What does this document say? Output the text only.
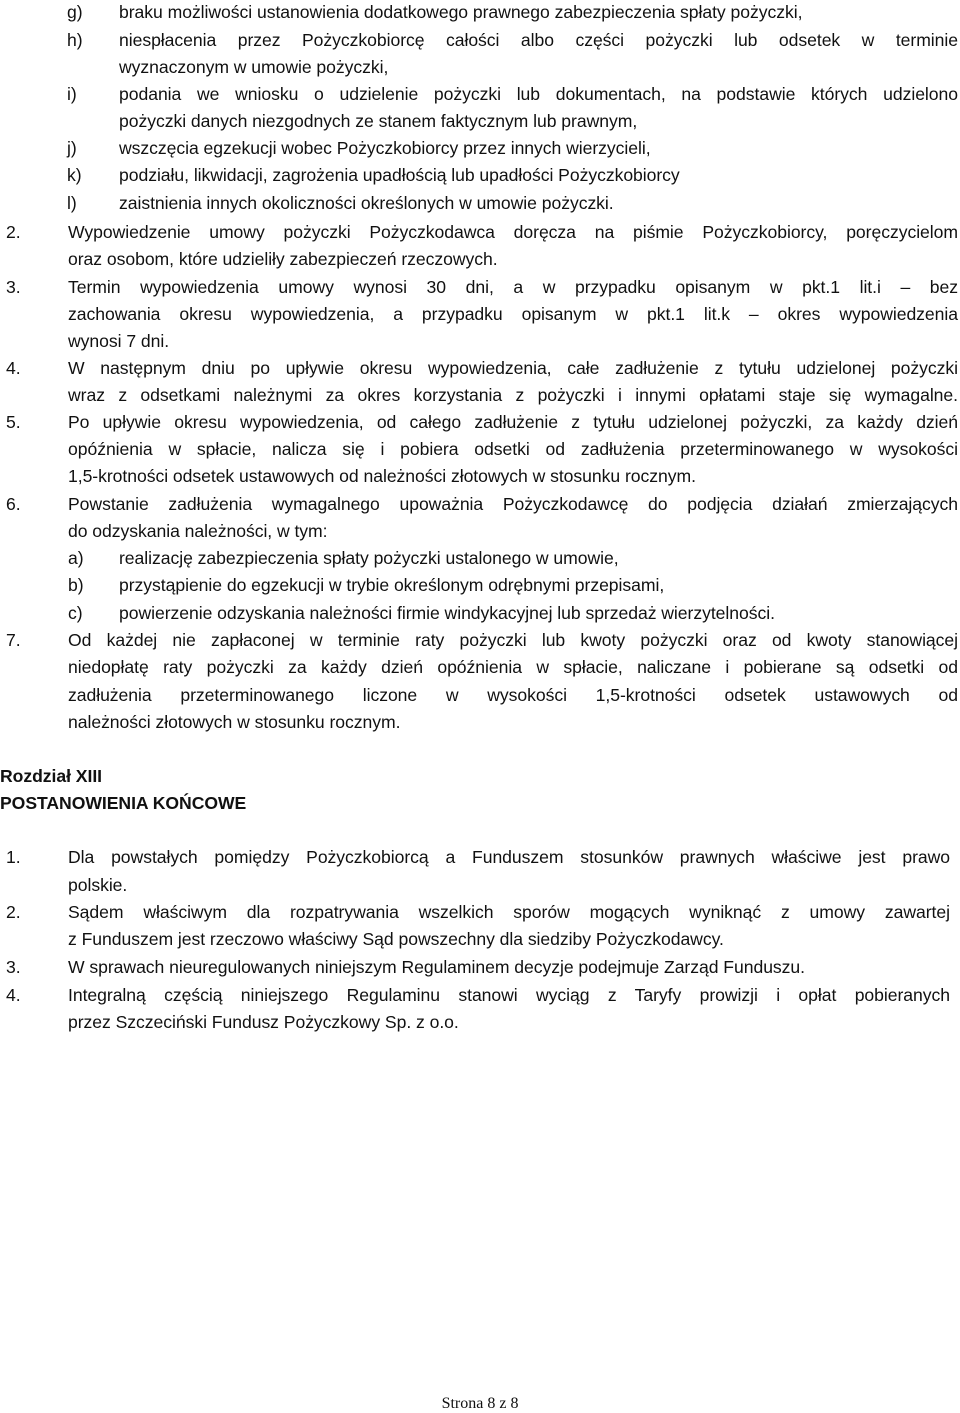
g) braku możliwości ustanowienia dodatkowego prawnego zabezpieczenia spłaty pożyczki,
h) niespłacenia przez Pożyczkobiorcę całości albo części pożyczki lub odsetek w terminie
wyznaczonym w umowie pożyczki,
i) podania we wniosku o udzielenie pożyczki lub dokumentach, na podstawie których udzielono
pożyczki danych niezgodnych ze stanem faktycznym lub prawnym,
j) wszczęcia egzekucji wobec Pożyczkobiorcy przez innych wierzycieli,
k) podziału, likwidacji, zagrożenia upadłością lub upadłości Pożyczkobiorcy
l) zaistnienia innych okoliczności określonych w umowie pożyczki.
2.	Wypowiedzenie umowy pożyczki Pożyczkodawca doręcza na piśmie Pożyczkobiorcy, poręczycielom
oraz osobom, które udzieliły zabezpieczeń rzeczowych.
3.	Termin wypowiedzenia umowy wynosi 30 dni, a w przypadku opisanym w pkt.1 lit.i – bez
zachowania okresu wypowiedzenia, a przypadku opisanym w pkt.1 lit.k – okres wypowiedzenia
wynosi 7 dni.
4.	W następnym dniu po upływie okresu wypowiedzenia, całe zadłużenie z tytułu udzielonej pożyczki
wraz z odsetkami należnymi za okres korzystania z pożyczki i innymi opłatami staje się wymagalne.
5.	Po upływie okresu wypowiedzenia, od całego zadłużenie z tytułu udzielonej pożyczki, za każdy dzień
opóźnienia w spłacie, nalicza się i pobiera odsetki od zadłużenia przeterminowanego w wysokości
1,5-krotności odsetek ustawowych od należności złotowych w stosunku rocznym.
6.	Powstanie zadłużenia wymagalnego upoważnia Pożyczkodawcę do podjęcia działań zmierzających
do odzyskania należności, w tym:
a) realizację zabezpieczenia spłaty pożyczki ustalonego w umowie,
b) przystąpienie do egzekucji w trybie określonym odrębnymi przepisami,
c) powierzenie odzyskania należności firmie windykacyjnej lub sprzedaż wierzytelności.
7.	Od każdej nie zapłaconej w terminie raty pożyczki lub kwoty pożyczki oraz od kwoty stanowiącej
niedopłatę raty pożyczki za każdy dzień opóźnienia w spłacie, naliczane i pobierane są odsetki od
zadłużenia przeterminowanego liczone w wysokości 1,5-krotności odsetek ustawowych od
należności złotowych w stosunku rocznym.
Rozdział XIII
POSTANOWIENIA KOŃCOWE
1.	Dla powstałych pomiędzy Pożyczkobiorcą a Funduszem stosunków prawnych właściwe jest prawo
polskie.
2.	Sądem właściwym dla rozpatrywania wszelkich sporów mogących wyniknąć z umowy zawartej
z Funduszem jest rzeczowo właściwy Sąd powszechny dla siedziby Pożyczkodawcy.
3.	W sprawach nieuregulowanych niniejszym Regulaminem decyzje podejmuje Zarząd Funduszu.
4.	Integralną częścią niniejszego Regulaminu stanowi wyciąg z Taryfy prowizji i opłat pobieranych
przez Szczeciński Fundusz Pożyczkowy Sp. z o.o.
Strona 8 z 8
